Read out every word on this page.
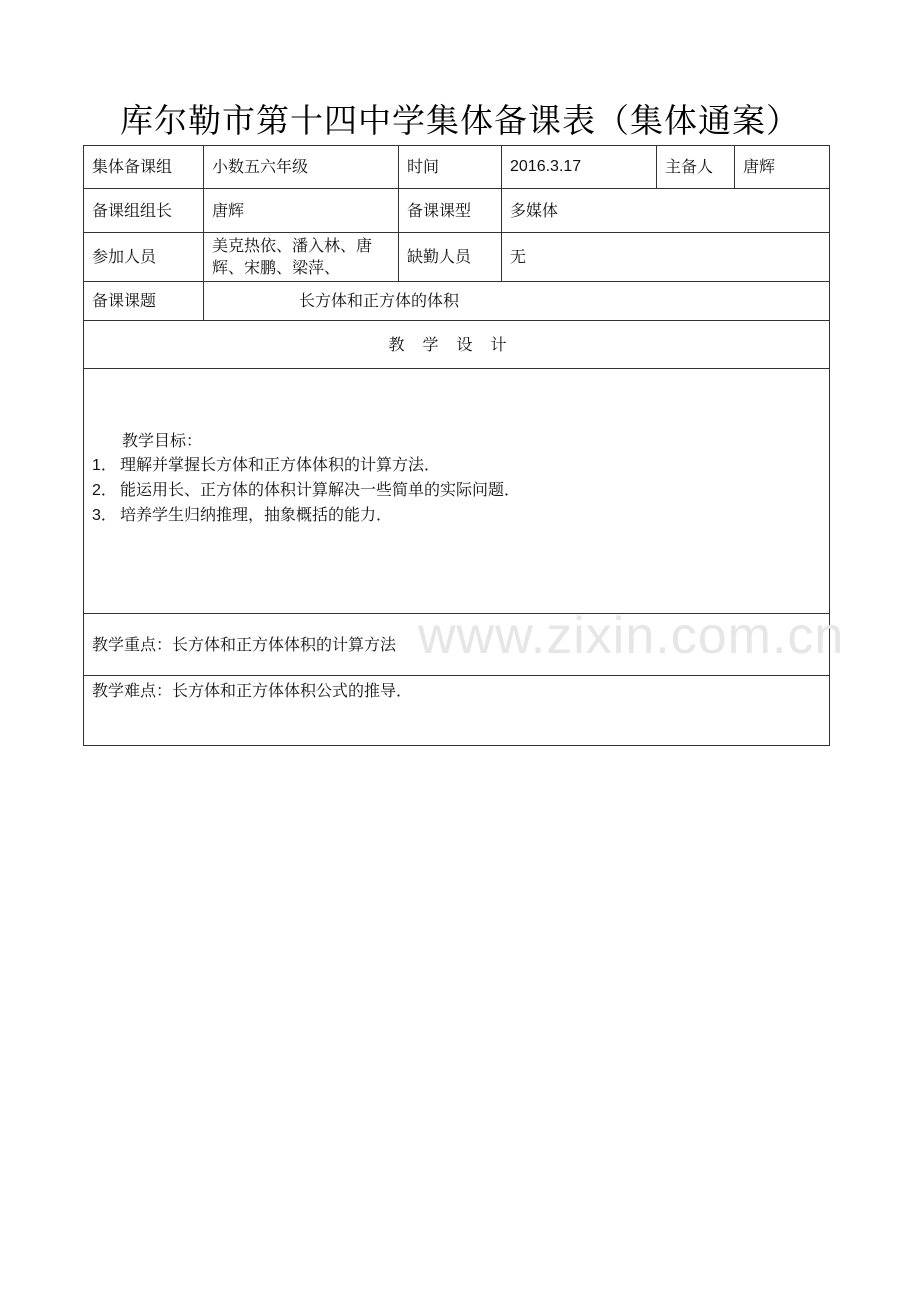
库尔勒市第十四中学集体备课表（集体通案）
集体备课组	小数五六年级	时间	2016.3.17	主备人	唐辉
备课组组长	唐辉	备课课型	多媒体		
参加人员	美克热依、潘入林、唐辉、宋鹏、梁萍、	缺勤人员	无		
备课课题	长方体和正方体的体积				
教学设计					

教学目标：
1． 理解并掌握长方体和正方体体积的计算方法．
2． 能运用长、正方体的体积计算解决一些简单的实际问题．
3． 培养学生归纳推理，抽象概括的能力．					

教学重点：长方体和正方体体积的计算方法					
教学难点：长方体和正方体体积公式的推导．					
www.zixin.com.cn
